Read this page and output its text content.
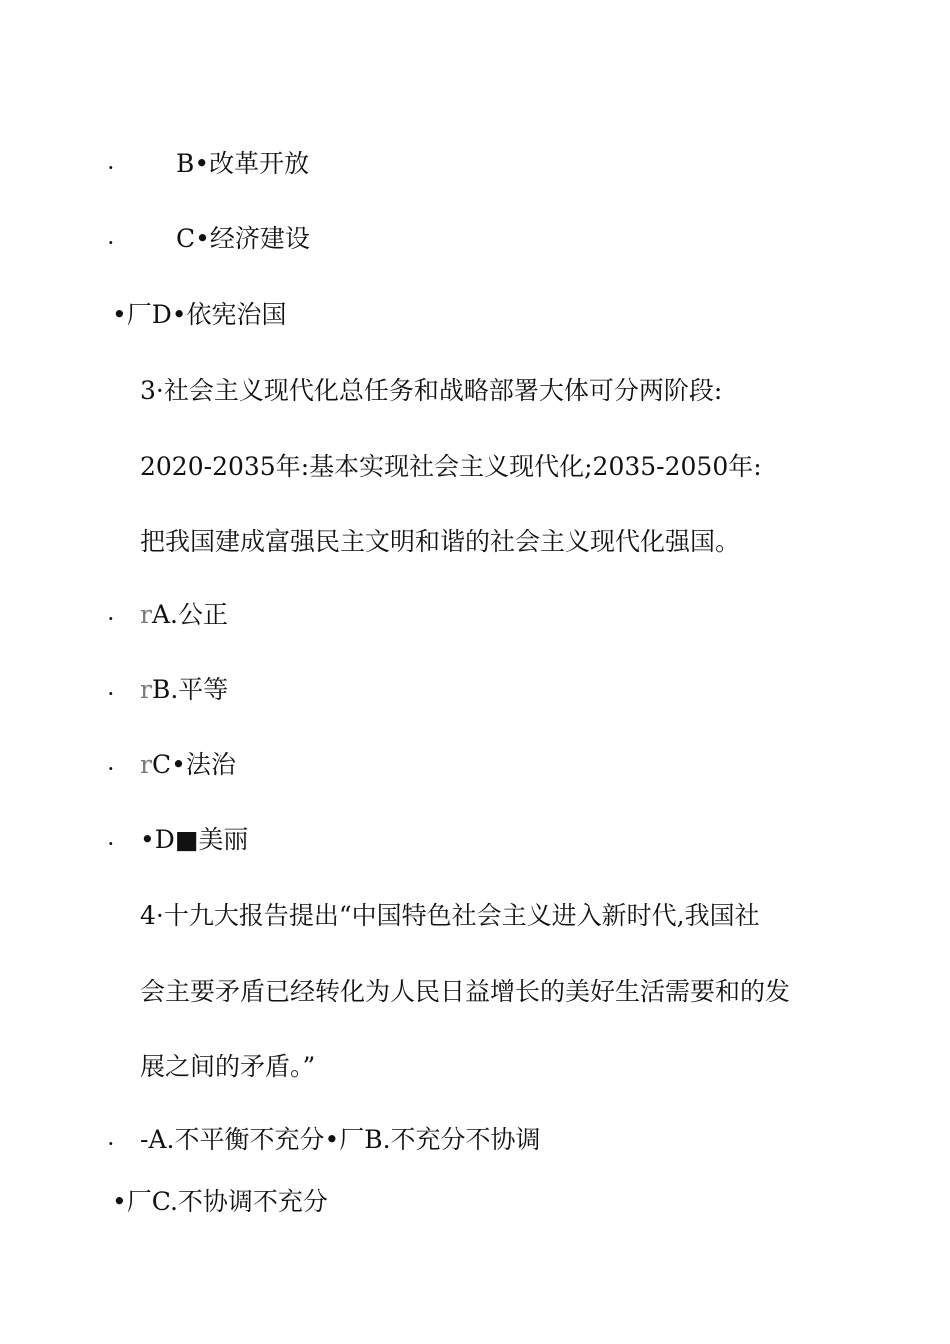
· B•改革开放
· C•经济建设
•厂D•依宪治国
3·社会主义现代化总任务和战略部署大体可分两阶段:
2020-2035年:基本实现社会主义现代化;2035-2050年:
把我国建成富强民主文明和谐的社会主义现代化强国。
· rA.公正
· rB.平等
· rC•法治
· •D■美丽
4·十九大报告提出“中国特色社会主义进入新时代,我国社
会主要矛盾已经转化为人民日益增长的美好生活需要和的发
展之间的矛盾。”
· -A.不平衡不充分•厂B.不充分不协调
•厂C.不协调不充分
